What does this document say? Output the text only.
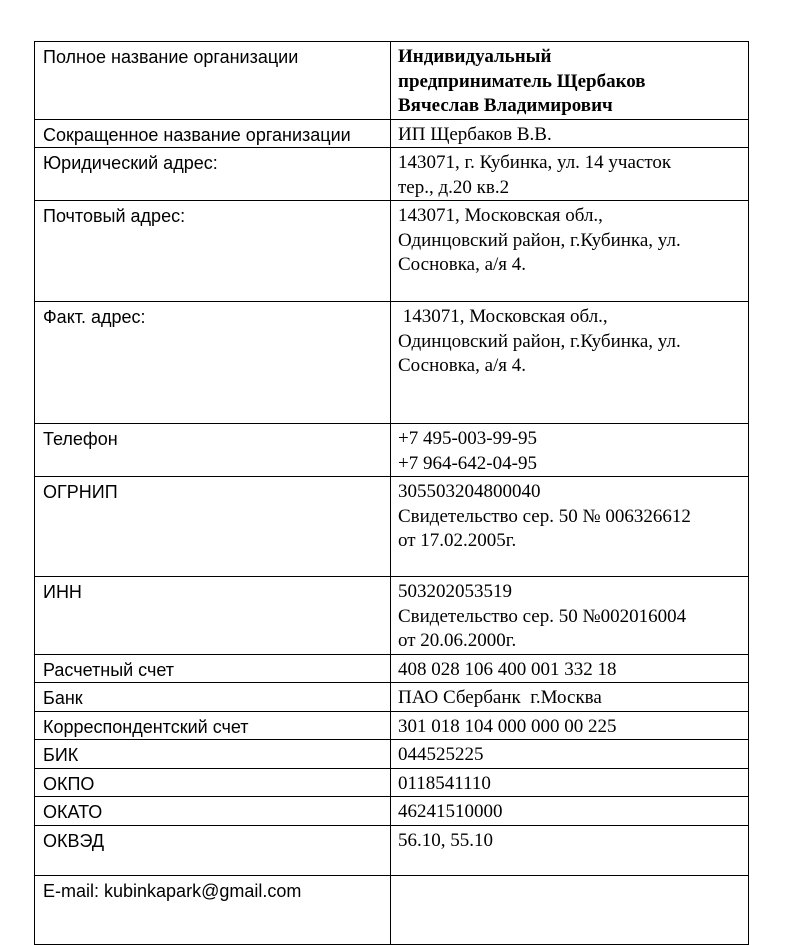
Полное название организации	Индивидуальный
предприниматель Щербаков
Вячеслав Владимирович

Сокращенное название организации	ИП Щербаков В.В.

Юридический адрес:	143071, г. Кубинка, ул. 14 участок
тер., д.20 кв.2

Почтовый адрес:	143071, Московская обл.,
Одинцовский район, г.Кубинка, ул.
Сосновка, а/я 4.

Факт. адрес:	143071, Московская обл.,
Одинцовский район, г.Кубинка, ул.
Сосновка, а/я 4.

Телефон	+7 495-003-99-95
+7 964-642-04-95

ОГРНИП	305503204800040
Свидетельство сер. 50 № 006326612
от 17.02.2005г.

ИНН	503202053519
Свидетельство сер. 50 №002016004
от 20.06.2000г.

Расчетный счет	408 028 106 400 001 332 18

Банк	ПАО Сбербанк  г.Москва

Корреспондентский счет	301 018 104 000 000 00 225

БИК	044525225

ОКПО	0118541110

ОКАТО	46241510000

ОКВЭД	56.10, 55.10

E-mail: kubinkapark@gmail.com	
